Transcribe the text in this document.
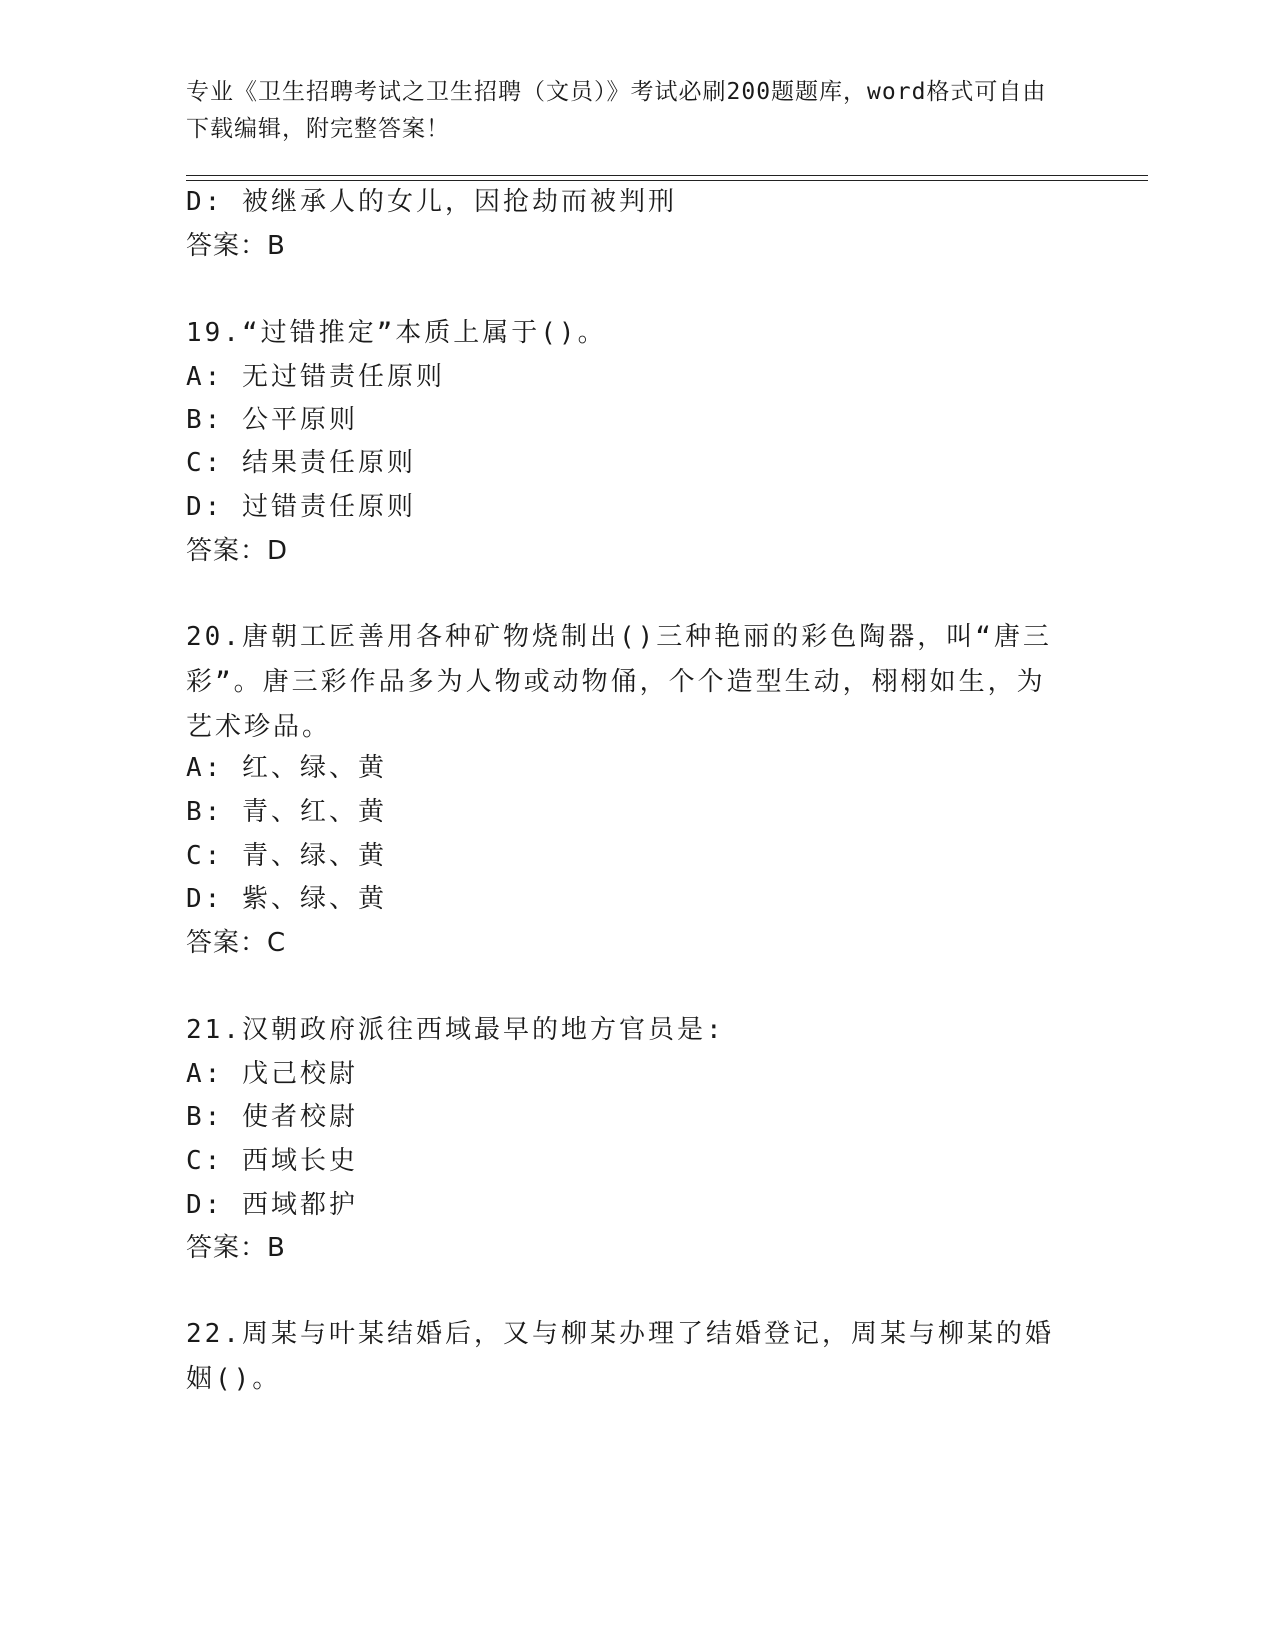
专业《卫生招聘考试之卫生招聘（文员）》考试必刷200题题库，word格式可自由下载编辑，附完整答案！
D: 被继承人的女儿，因抢劫而被判刑
答案：B
19.“过错推定”本质上属于()。
A: 无过错责任原则
B: 公平原则
C: 结果责任原则
D: 过错责任原则
答案：D
20.唐朝工匠善用各种矿物烧制出()三种艳丽的彩色陶器，叫“唐三彩”。唐三彩作品多为人物或动物俑，个个造型生动，栩栩如生，为艺术珍品。
A: 红、绿、黄
B: 青、红、黄
C: 青、绿、黄
D: 紫、绿、黄
答案：C
21.汉朝政府派往西域最早的地方官员是:
A: 戊己校尉
B: 使者校尉
C: 西域长史
D: 西域都护
答案：B
22.周某与叶某结婚后，又与柳某办理了结婚登记，周某与柳某的婚姻()。
